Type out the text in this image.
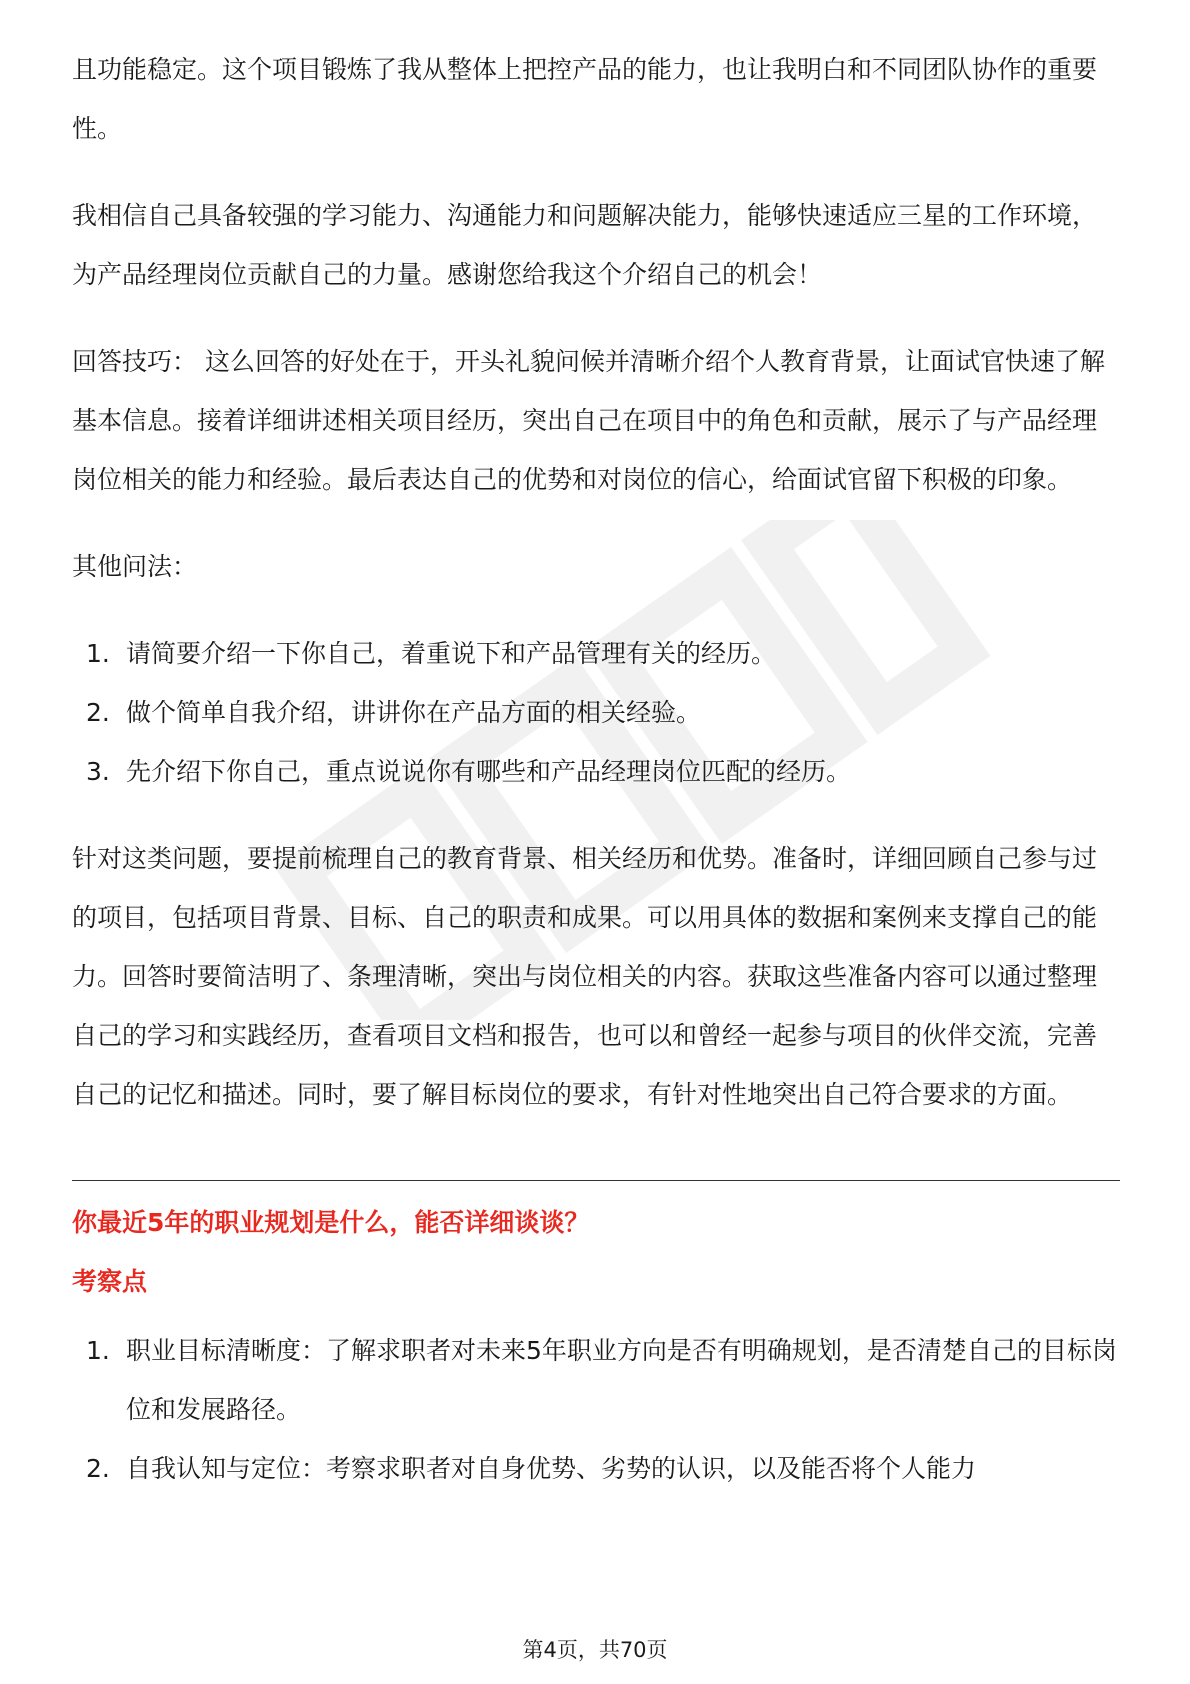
且功能稳定。这个项目锻炼了我从整体上把控产品的能力，也让我明白和不同团队协作的重要性。

我相信自己具备较强的学习能力、沟通能力和问题解决能力，能够快速适应三星的工作环境，为产品经理岗位贡献自己的力量。感谢您给我这个介绍自己的机会！

回答技巧： 这么回答的好处在于，开头礼貌问候并清晰介绍个人教育背景，让面试官快速了解基本信息。接着详细讲述相关项目经历，突出自己在项目中的角色和贡献，展示了与产品经理岗位相关的能力和经验。最后表达自己的优势和对岗位的信心，给面试官留下积极的印象。

其他问法：

1. 请简要介绍一下你自己，着重说下和产品管理有关的经历。
2. 做个简单自我介绍，讲讲你在产品方面的相关经验。
3. 先介绍下你自己，重点说说你有哪些和产品经理岗位匹配的经历。

针对这类问题，要提前梳理自己的教育背景、相关经历和优势。准备时，详细回顾自己参与过的项目，包括项目背景、目标、自己的职责和成果。可以用具体的数据和案例来支撑自己的能力。回答时要简洁明了、条理清晰，突出与岗位相关的内容。获取这些准备内容可以通过整理自己的学习和实践经历，查看项目文档和报告，也可以和曾经一起参与项目的伙伴交流，完善自己的记忆和描述。同时，要了解目标岗位的要求，有针对性地突出自己符合要求的方面。

你最近5年的职业规划是什么，能否详细谈谈？
考察点
1. 职业目标清晰度：了解求职者对未来5年职业方向是否有明确规划，是否清楚自己的目标岗位和发展路径。
2. 自我认知与定位：考察求职者对自身优势、劣势的认识，以及能否将个人能力
第4页，共70页
